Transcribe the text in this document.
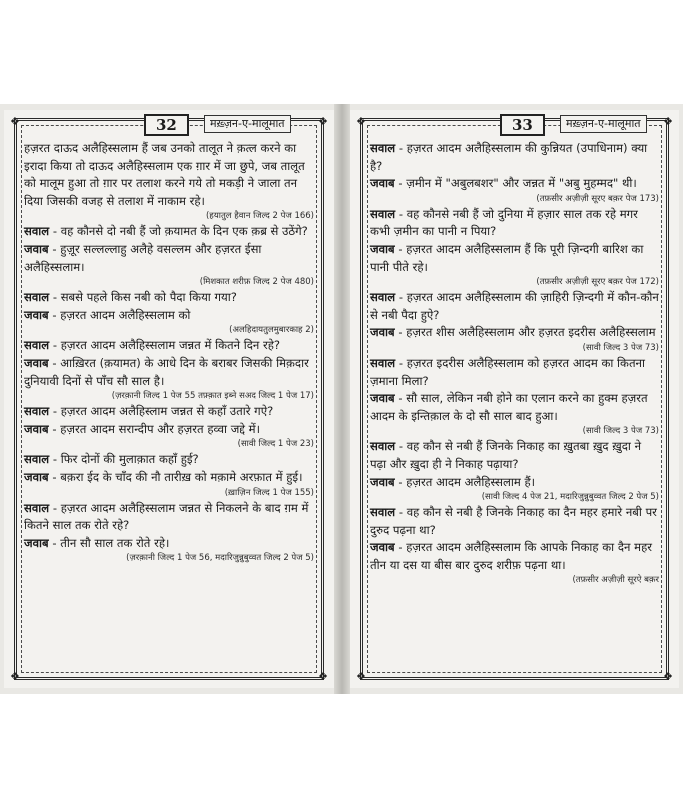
❖	❖
❖	❖
32	मख़्ज़न-ए-मालूमात

हज़रत दाऊद अलैहिस्सलाम हैं जब उनको तालूत ने क़त्ल करने का इरादा किया तो दाऊद अलैहिस्सलाम एक ग़ार में जा छुपे, जब तालूत को मालूम हुआ तो ग़ार पर तलाश करने गये तो मकड़ी ने जाला तन दिया जिसकी वजह से तलाश में नाकाम रहे।
(हयातुल हैवान जिल्द 2 पेज 166)

सवाल - वह कौनसे दो नबी हैं जो क़यामत के दिन एक क़ब्र से उठेंगे?

जवाब - हुज़ूर सल्लल्लाहु अलैहे वसल्लम और हज़रत ईसा अलैहिस्सलाम।
(मिशकात शरीफ़ जिल्द 2 पेज 480)

सवाल - सबसे पहले किस नबी को पैदा किया गया?

जवाब - हज़रत आदम अलैहिस्सलाम को
(अलहिदायतुलमुबारकाह 2)

सवाल - हज़रत आदम अलैहिस्सलाम जन्नत में कितने दिन रहे?

जवाब - आख़िरत (क़यामत) के आधे दिन के बराबर जिसकी मिक़दार दुनियावी दिनों से पाँच सौ साल है।
(ज़रक़ानी जिल्द 1 पेज 55 तफ़्क़ात इब्ने सअद जिल्द 1 पेज 17)

सवाल - हज़रत आदम अलैहिस्लाम जन्नत से कहाँ उतारे गऐ?

जवाब - हज़रत आदम सरान्दीप और हज़रत हव्वा जद्दे में।
(सावी जिल्द 1 पेज 23)

सवाल - फिर दोनों की मुलाक़ात कहाँ हुई?

जवाब - बक़रा ईद के चाँद की नौ तारीख़ को मक़ामे अरफ़ात में हुई।
(ख़ाज़िन जिल्द 1 पेज 155)

सवाल - हज़रत आदम अलैहिस्सलाम जन्नत से निकलने के बाद ग़म में कितने साल तक रोते रहे?

जवाब - तीन सौ साल तक रोते रहे।
(ज़रक़ानी जिल्द 1 पेज 56, मदारिजुन्नुबुव्वत जिल्द 2 पेज 5)

❖	❖
❖	❖
33	मख़्ज़न-ए-मालूमात

सवाल - हज़रत आदम अलैहिस्सलाम की कुन्नियत (उपाधिनाम) क्या है?

जवाब - ज़मीन में "अबुलबशर" और जन्नत में "अबु मुहम्मद" थी।
(तफ़सीर अज़ीज़ी सूरए बक़र पेज 173)

सवाल - वह कौनसे नबी हैं जो दुनिया में हज़ार साल तक रहे मगर कभी ज़मीन का पानी न पिया?

जवाब - हज़रत आदम अलैहिस्सलाम हैं कि पूरी ज़िन्दगी बारिश का पानी पीते रहे।
(तफ़सीर अज़ीज़ी सूरए बक़र पेज 172)

सवाल - हज़रत आदम अलैहिस्सलाम की ज़ाहिरी ज़िन्दगी में कौन-कौन से नबी पैदा हुऐ?

जवाब - हज़रत शीस अलैहिस्सलाम और हज़रत इदरीस अलैहिस्सलाम
(सावी जिल्द 3 पेज 73)

सवाल - हज़रत इदरीस अलैहिस्सलाम को हज़रत आदम का कितना ज़माना मिला?

जवाब - सौ साल, लेकिन नबी होने का एलान करने का हुक्म हज़रत आदम के इन्तिक़ाल के दो सौ साल बाद हुआ।
(सावी जिल्द 3 पेज 73)

सवाल - वह कौन से नबी हैं जिनके निकाह का ख़ुतबा ख़ुद ख़ुदा ने पढ़ा और ख़ुदा ही ने निकाह पढ़ाया?

जवाब - हज़रत आदम अलैहिस्सलाम हैं।
(सावी जिल्द 4 पेज 21, मदारिजुन्नुबुव्वत जिल्द 2 पेज 5)

सवाल - वह कौन से नबी है जिनके निकाह का दैन महर हमारे नबी पर दुरुद पढ़ना था?

जवाब - हज़रत आदम अलैहिस्सलाम कि आपके निकाह का दैन महर तीन या दस या बीस बार दुरुद शरीफ़ पढ़ना था।
(तफ़सीर अज़ीज़ी सूरऐ बक़र
